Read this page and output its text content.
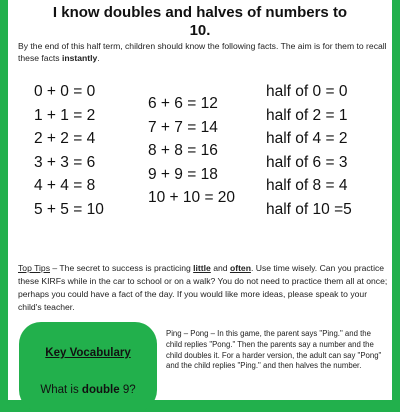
I know doubles and halves of numbers to
10.
By the end of this half term, children should know the following facts. The aim is for them to recall these facts instantly.
0 + 0 = 0
1 + 1 = 2
2 + 2 = 4
3 + 3 = 6
4 + 4 = 8
5 + 5 = 10
6 + 6 = 12
7 + 7 = 14
8 + 8 = 16
9 + 9 = 18
10 + 10 = 20
half of 0 = 0
half of 2 = 1
half of 4 = 2
half of 6 = 3
half of 8 = 4
half of 10 =5
Top Tips – The secret to success is practicing little and often. Use time wisely. Can you practice these KIRFs while in the car to school or on a walk? You do not need to practice them all at once; perhaps you could have a fact of the day. If you would like more ideas, please speak to your child's teacher.
Key Vocabulary
What is double 9?
Ping – Pong – In this game, the parent says "Ping." and the child replies "Pong." Then the parents say a number and the child doubles it. For a harder version, the adult can say "Pong" and the child replies "Ping." and then halves the number.
